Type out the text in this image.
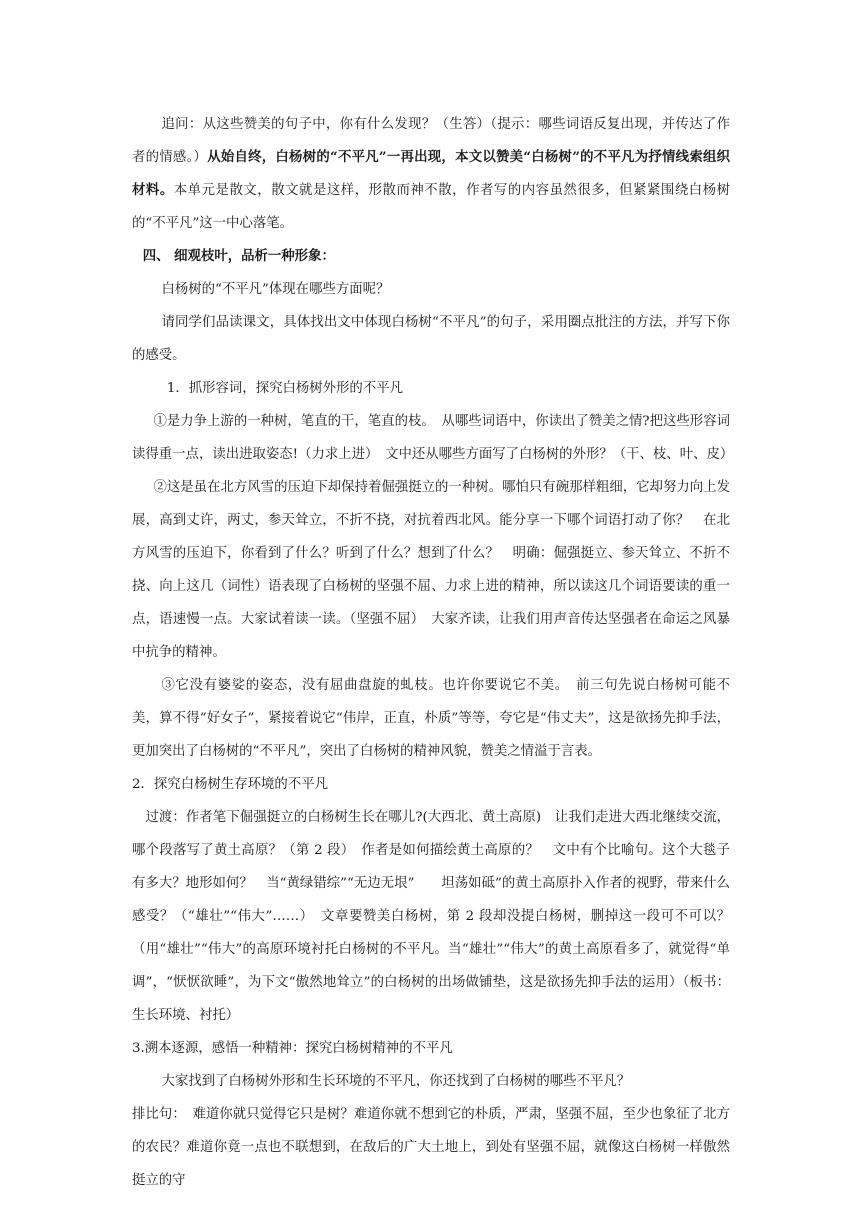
追问：从这些赞美的句子中，你有什么发现？（生答）（提示：哪些词语反复出现，并传达了作者的情感。）从始自终，白杨树的“不平凡”一再出现，本文以赞美“白杨树”的不平凡为抒情线索组织材料。本单元是散文，散文就是这样，形散而神不散，作者写的内容虽然很多，但紧紧围绕白杨树的“不平凡”这一中心落笔。

四、 细观枝叶，品析一种形象：

白杨树的“不平凡”体现在哪些方面呢？

请同学们品读课文，具体找出文中体现白杨树“不平凡”的句子，采用圈点批注的方法，并写下你的感受。

1．抓形容词，探究白杨树外形的不平凡

①是力争上游的一种树，笔直的干，笔直的枝。　从哪些词语中，你读出了赞美之情?把这些形容词读得重一点，读出进取姿态!（力求上进）　文中还从哪些方面写了白杨树的外形？（干、枝、叶、皮）

②这是虽在北方风雪的压迫下却保持着倔强挺立的一种树。哪怕只有碗那样粗细，它却努力向上发展，高到丈许，两丈，参天耸立，不折不挠，对抗着西北风。能分享一下哪个词语打动了你？　在北方风雪的压迫下，你看到了什么？听到了什么？想到了什么？　明确：倔强挺立、参天耸立、不折不挠、向上这几（词性）语表现了白杨树的坚强不屈、力求上进的精神，所以读这几个词语要读的重一点，语速慢一点。大家试着读一读。（坚强不屈）　大家齐读，让我们用声音传达坚强者在命运之风暴中抗争的精神。

③它没有婆娑的姿态，没有屈曲盘旋的虬枝。也许你要说它不美。　前三句先说白杨树可能不美，算不得“好女子”，紧接着说它“伟岸，正直，朴质”等等，夸它是“伟丈夫”，这是欲扬先抑手法，更加突出了白杨树的“不平凡”，突出了白杨树的精神风貌，赞美之情溢于言表。

2．探究白杨树生存环境的不平凡

过渡：作者笔下倔强挺立的白杨树生长在哪儿?(大西北、黄土高原)　让我们走进大西北继续交流，哪个段落写了黄土高原？（第 2 段）　作者是如何描绘黄土高原的？　文中有个比喻句。这个大毯子有多大？地形如何？　当“黄绿错综”“无边无垠”　　坦荡如砥”的黄土高原扑入作者的视野，带来什么感受？（“雄壮”“伟大”……）　文章要赞美白杨树，第 2 段却没提白杨树，删掉这一段可不可以？　　（用“雄壮”“伟大”的高原环境衬托白杨树的不平凡。当“雄壮”“伟大”的黄土高原看多了，就觉得“单调”，“恹恹欲睡”，为下文“傲然地耸立”的白杨树的出场做铺垫，这是欲扬先抑手法的运用）（板书：生长环境、衬托）

3.溯本逐源，感悟一种精神：探究白杨树精神的不平凡

大家找到了白杨树外形和生长环境的不平凡，你还找到了白杨树的哪些不平凡？

排比句：　难道你就只觉得它只是树？难道你就不想到它的朴质，严肃，坚强不屈，至少也象征了北方的农民？难道你竟一点也不联想到，在敌后的广大土地上，到处有坚强不屈，就像这白杨树一样傲然挺立的守
